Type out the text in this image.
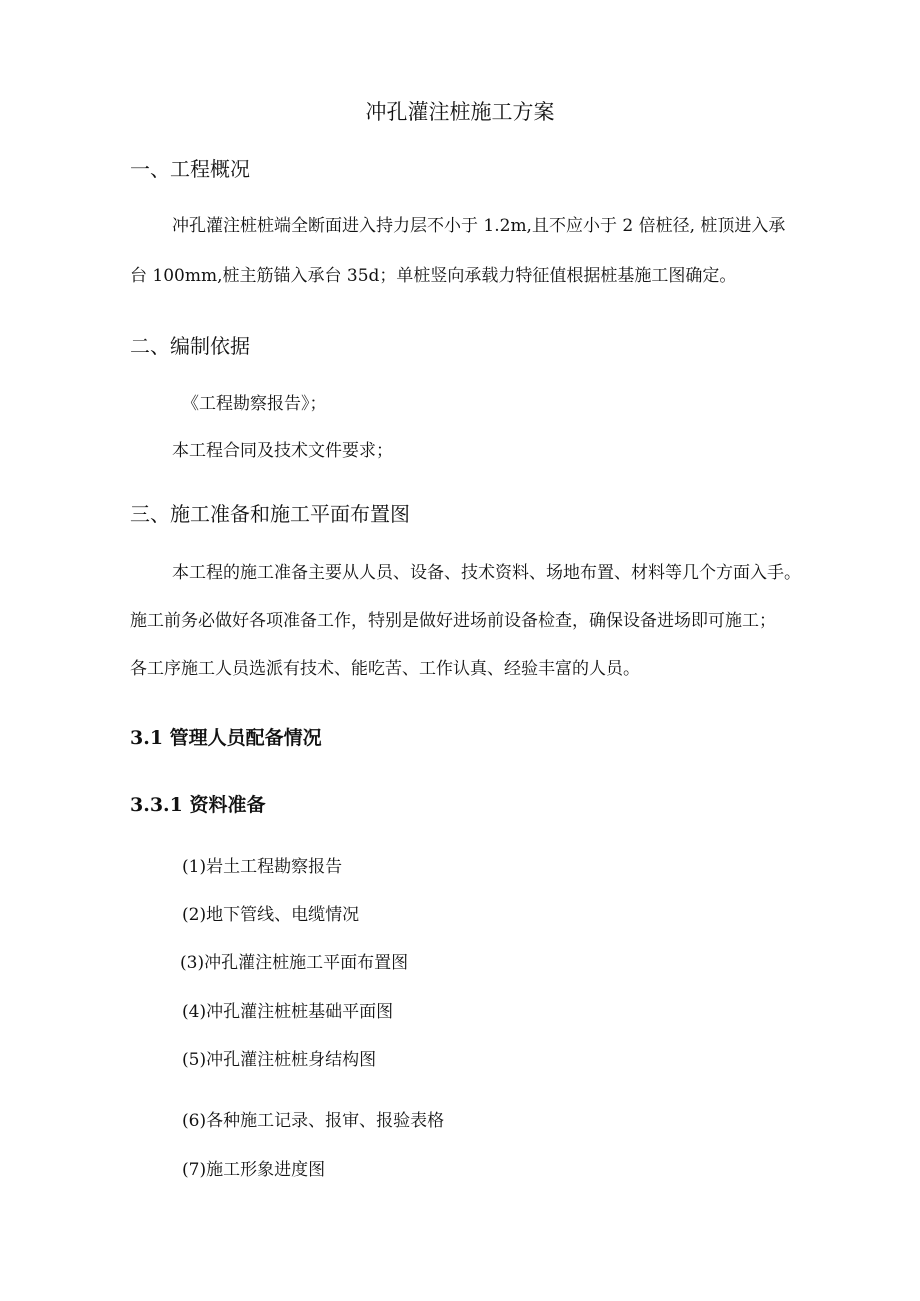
冲孔灌注桩施工方案
一、工程概况

冲孔灌注桩桩端全断面进入持力层不小于 1.2m,且不应小于 2 倍桩径, 桩顶进入承

台 100mm,桩主筋锚入承台 35d；单桩竖向承载力特征值根据桩基施工图确定。

二、编制依据

《工程勘察报告》；

本工程合同及技术文件要求；

三、施工准备和施工平面布置图

本工程的施工准备主要从人员、设备、技术资料、场地布置、材料等几个方面入手。

施工前务必做好各项准备工作，特别是做好进场前设备检查，确保设备进场即可施工；

各工序施工人员选派有技术、能吃苦、工作认真、经验丰富的人员。

3.1 管理人员配备情况
3.3.1 资料准备

(1)岩土工程勘察报告

(2)地下管线、电缆情况

(3)冲孔灌注桩施工平面布置图

(4)冲孔灌注桩桩基础平面图

(5)冲孔灌注桩桩身结构图

(6)各种施工记录、报审、报验表格

(7)施工形象进度图
